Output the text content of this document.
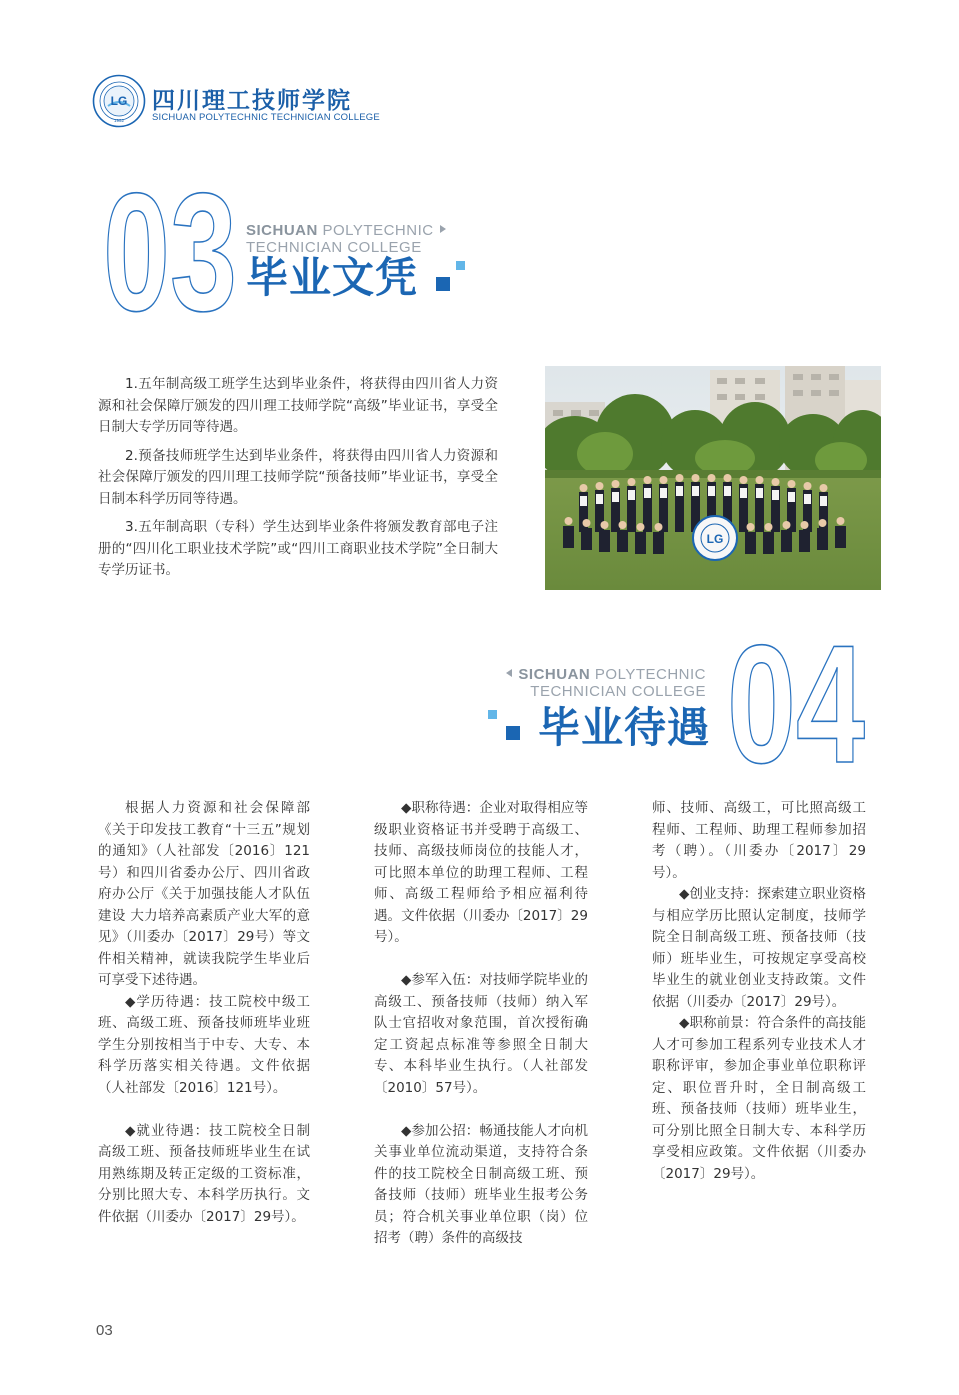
LG
1952
四川理工技师学院
SICHUAN POLYTECHNIC TECHNICIAN COLLEGE
03 SICHUAN POLYTECHNIC
TECHNICIAN COLLEGE
毕业文凭

1.五年制高级工班学生达到毕业条件，将获得由四川省人力资源和社会保障厅颁发的四川理工技师学院“高级”毕业证书，享受全日制大专学历同等待遇。

2.预备技师班学生达到毕业条件，将获得由四川省人力资源和社会保障厅颁发的四川理工技师学院“预备技师”毕业证书，享受全日制本科学历同等待遇。

3.五年制高职（专科）学生达到毕业条件将颁发教育部电子注册的“四川化工职业技术学院”或“四川工商职业技术学院”全日制大专学历证书。

LG
SICHUAN POLYTECHNIC
TECHNICIAN COLLEGE
毕业待遇 04

根据人力资源和社会保障部《关于印发技工教育“十三五”规划的通知》（人社部发〔2016〕121号）和四川省委办公厅、四川省政府办公厅《关于加强技能人才队伍建设 大力培养高素质产业大军的意见》（川委办〔2017〕29号）等文件相关精神，就读我院学生毕业后可享受下述待遇。

◆学历待遇：技工院校中级工班、高级工班、预备技师班毕业班学生分别按相当于中专、大专、本科学历落实相关待遇。文件依据（人社部发〔2016〕121号）。

◆就业待遇：技工院校全日制高级工班、预备技师班毕业生在试用熟练期及转正定级的工资标准，分别比照大专、本科学历执行。文件依据（川委办〔2017〕29号）。

◆职称待遇：企业对取得相应等级职业资格证书并受聘于高级工、技师、高级技师岗位的技能人才，可比照本单位的助理工程师、工程师、高级工程师给予相应福利待遇。文件依据（川委办〔2017〕29号）。

◆参军入伍：对技师学院毕业的高级工、预备技师（技师）纳入军队士官招收对象范围，首次授衔确定工资起点标准等参照全日制大专、本科毕业生执行。（人社部发〔2010〕57号）。

◆参加公招：畅通技能人才向机关事业单位流动渠道，支持符合条件的技工院校全日制高级工班、预备技师（技师）班毕业生报考公务员；符合机关事业单位职（岗）位招考（聘）条件的高级技

师、技师、高级工，可比照高级工程师、工程师、助理工程师参加招考（聘）。（川委办〔2017〕29号）。

◆创业支持：探索建立职业资格与相应学历比照认定制度，技师学院全日制高级工班、预备技师（技师）班毕业生，可按规定享受高校毕业生的就业创业支持政策。文件依据（川委办〔2017〕29号）。

◆职称前景：符合条件的高技能人才可参加工程系列专业技术人才职称评审，参加企事业单位职称评定、职位晋升时，全日制高级工班、预备技师（技师）班毕业生，可分别比照全日制大专、本科学历享受相应政策。文件依据（川委办〔2017〕29号）。

03
